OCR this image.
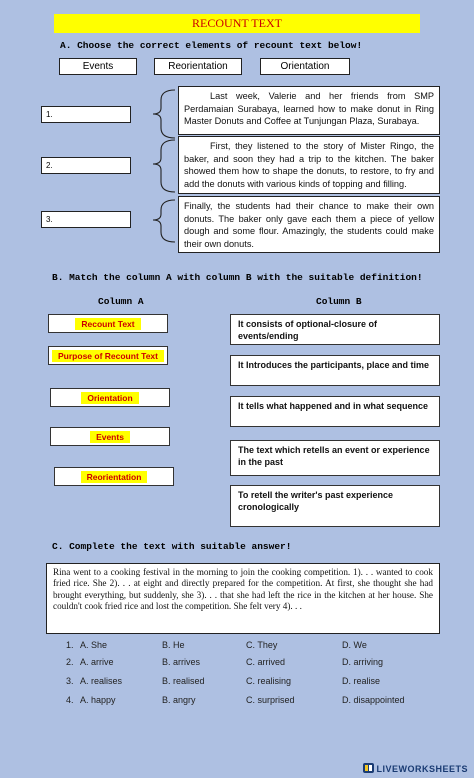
RECOUNT TEXT
A. Choose the correct elements of recount text below!
Events	Reorientation	Orientation
1.
2.
3.
Last week, Valerie and her friends from SMP Perdamaian Surabaya, learned how to make donut in Ring Master Donuts and Coffee at Tunjungan Plaza, Surabaya.
First, they listened to the story of Mister Ringo, the baker, and soon they had a trip to the kitchen. The baker showed them how to shape the donuts, to restore, to fry and add the donuts with various kinds of topping and filling.
Finally, the students had their chance to make their own donuts. The baker only gave each them a piece of yellow dough and some flour. Amazingly, the students could make their own donuts.
B. Match the column A with column B with the suitable definition!
Column A	Column B
Recount Text
Purpose of Recount Text
Orientation
Events
Reorientation
It consists of optional-closure of events/ending
It Introduces the participants, place and time
It tells what happened and in what sequence
The text which retells an event or experience in the past
To retell the writer's past experience cronologically
C. Complete the text with suitable answer!
Rina went to a cooking festival in the morning to join the cooking competition. 1). . . wanted to cook fried rice. She 2). . . at eight and directly prepared for the competition. At first, she thought she had brought everything, but suddenly, she 3). . . that she had left the rice in the kitchen at her house. She couldn't cook fried rice and lost the competition. She felt very 4). . .
1. A. She	B. He	C. They	D. We
2. A. arrive	B. arrives	C. arrived	D. arriving
3. A. realises	B. realised	C. realising	D. realise
4. A. happy	B. angry	C. surprised	D. disappointed
LIVEWORKSHEETS
